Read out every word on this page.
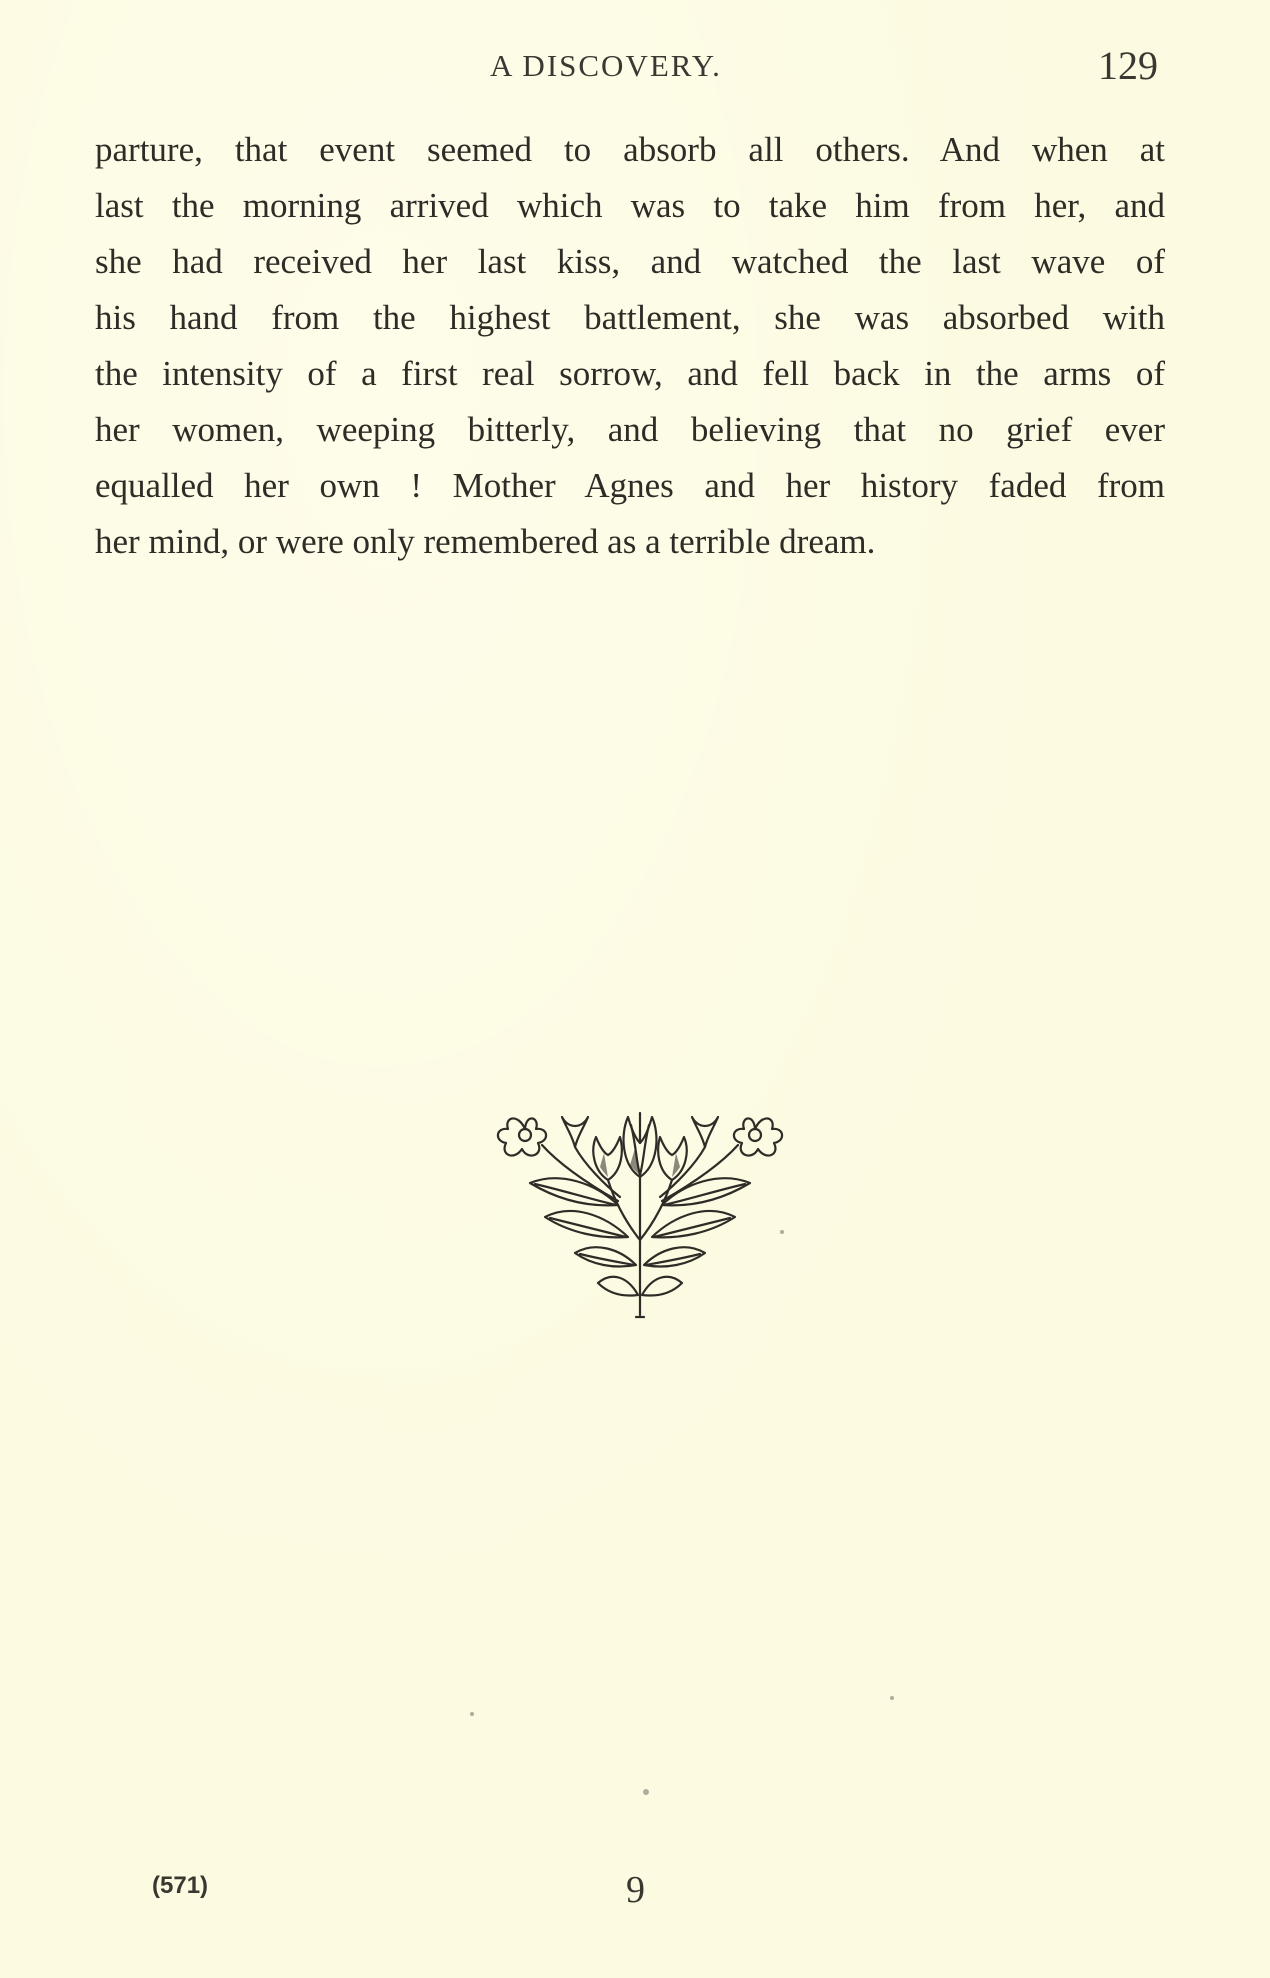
A DISCOVERY.	129
parture, that event seemed to absorb all others. And when at
last the morning arrived which was to take him from her, and
she had received her last kiss, and watched the last wave of
his hand from the highest battlement, she was absorbed with
the intensity of a first real sorrow, and fell back in the arms of
her women, weeping bitterly, and believing that no grief ever
equalled her own ! Mother Agnes and her history faded from
her mind, or were only remembered as a terrible dream.
(571)	9
